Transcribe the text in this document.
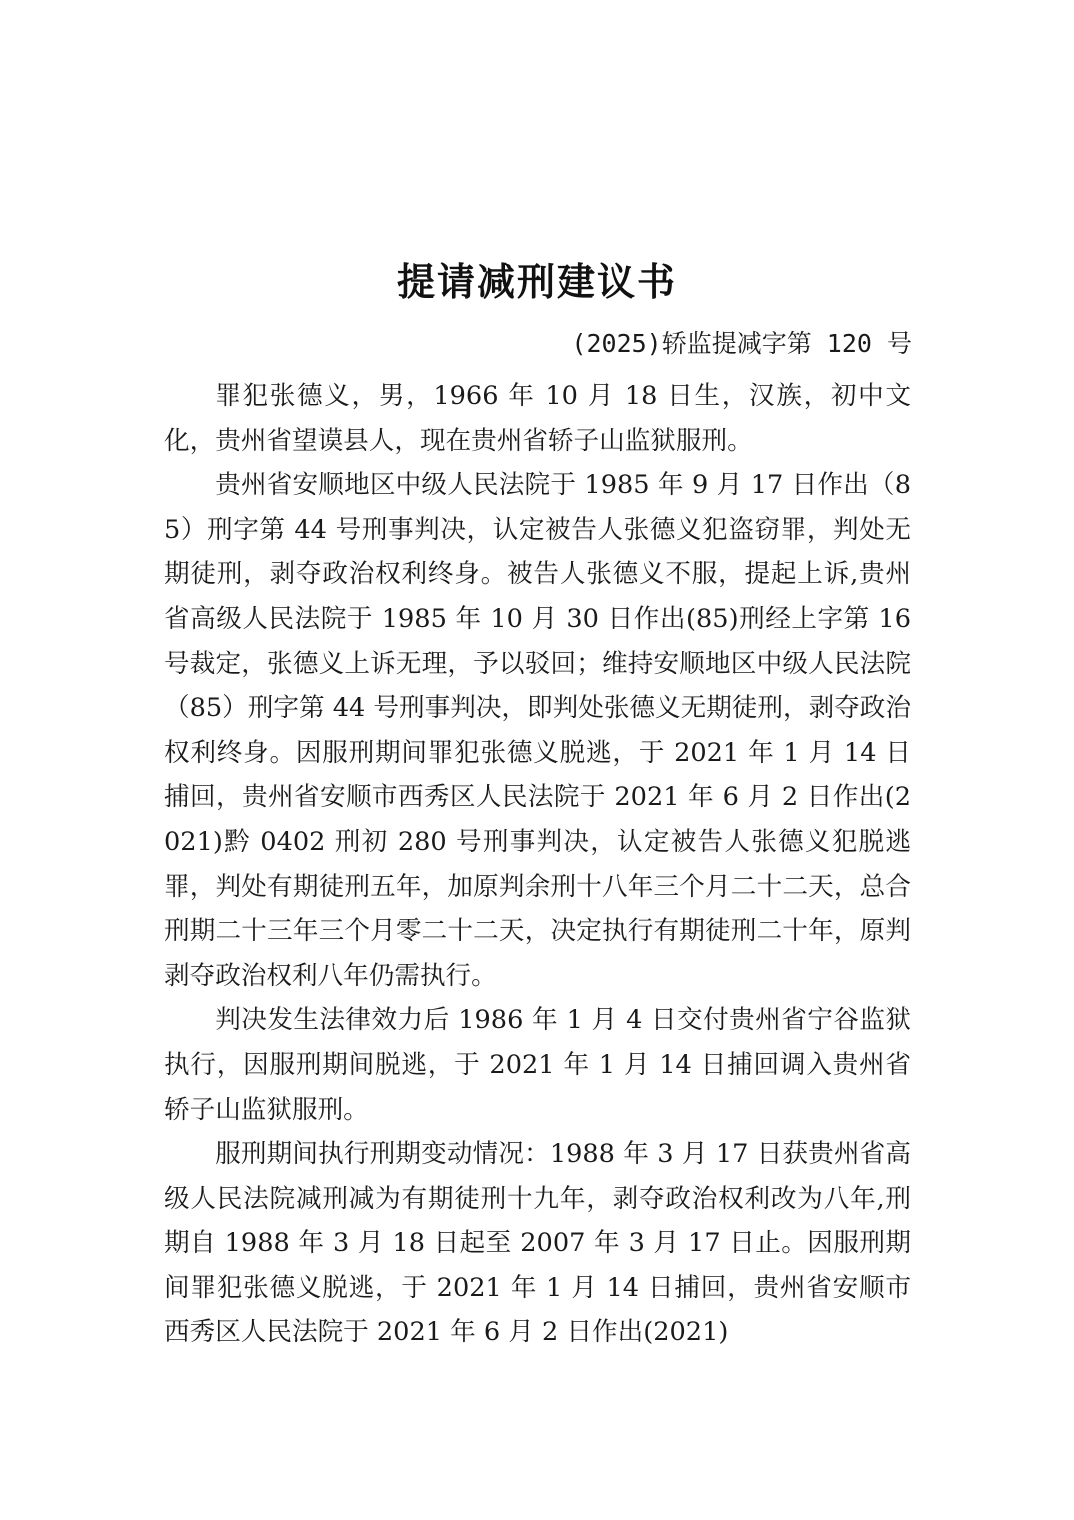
提请减刑建议书
(2025)轿监提减字第 120 号

罪犯张德义，男，1966 年 10 月 18 日生，汉族，初中文化，贵州省望谟县人，现在贵州省轿子山监狱服刑。

贵州省安顺地区中级人民法院于 1985 年 9 月 17 日作出（85）刑字第 44 号刑事判决，认定被告人张德义犯盗窃罪，判处无期徒刑，剥夺政治权利终身。被告人张德义不服，提起上诉,贵州省高级人民法院于 1985 年 10 月 30 日作出(85)刑经上字第 16 号裁定，张德义上诉无理，予以驳回；维持安顺地区中级人民法院（85）刑字第 44 号刑事判决，即判处张德义无期徒刑，剥夺政治权利终身。因服刑期间罪犯张德义脱逃，于 2021 年 1 月 14 日捕回，贵州省安顺市西秀区人民法院于 2021 年 6 月 2 日作出(2021)黔 0402 刑初 280 号刑事判决，认定被告人张德义犯脱逃罪，判处有期徒刑五年，加原判余刑十八年三个月二十二天，总合刑期二十三年三个月零二十二天，决定执行有期徒刑二十年，原判剥夺政治权利八年仍需执行。

判决发生法律效力后 1986 年 1 月 4 日交付贵州省宁谷监狱执行，因服刑期间脱逃，于 2021 年 1 月 14 日捕回调入贵州省轿子山监狱服刑。

服刑期间执行刑期变动情况：1988 年 3 月 17 日获贵州省高级人民法院减刑减为有期徒刑十九年，剥夺政治权利改为八年,刑期自 1988 年 3 月 18 日起至 2007 年 3 月 17 日止。因服刑期间罪犯张德义脱逃，于 2021 年 1 月 14 日捕回，贵州省安顺市西秀区人民法院于 2021 年 6 月 2 日作出(2021)
